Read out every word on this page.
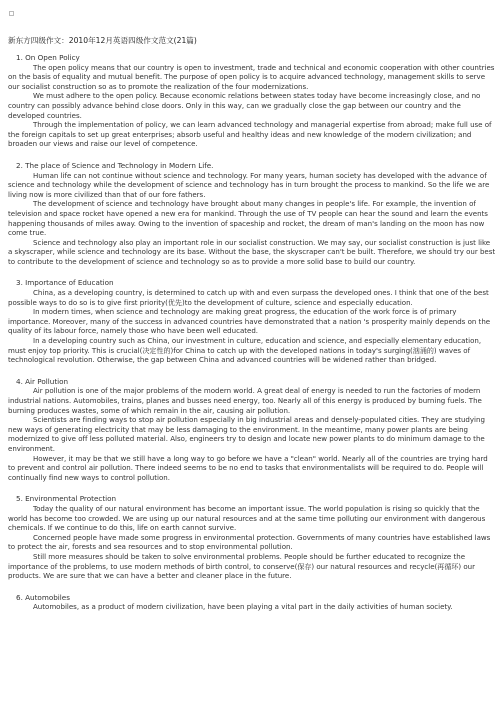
新东方四级作文：2010年12月英语四级作文范文(21篇)

1. On Open Policy

The open policy means that our country is open to investment, trade and technical and economic cooperation with other countries on the basis of equality and mutual benefit. The purpose of open policy is to acquire advanced technology, management skills to serve our socialist construction so as to promote the realization of the four modernizations.

We must adhere to the open policy. Because economic relations between states today have become increasingly close, and no country can possibly advance behind close doors. Only in this way, can we gradually close the gap between our country and the developed countries.

Through the implementation of policy, we can learn advanced technology and managerial expertise from abroad; make full use of the foreign capitals to set up great enterprises; absorb useful and healthy ideas and new knowledge of the modern civilization; and broaden our views and raise our level of competence.

2. The place of Science and Technology in Modern Life.

Human life can not continue without science and technology. For many years, human society has developed with the advance of science and technology while the development of science and technology has in turn brought the process to mankind. So the life we are living now is more civilized than that of our fore fathers.

The development of science and technology have brought about many changes in people's life. For example, the invention of television and space rocket have opened a new era for mankind. Through the use of TV people can hear the sound and learn the events happening thousands of miles away. Owing to the invention of spaceship and rocket, the dream of man's landing on the moon has now come true.

Science and technology also play an important role in our socialist construction. We may say, our socialist construction is just like a skyscraper, while science and technology are its base. Without the base, the skyscraper can't be built. Therefore, we should try our best to contribute to the development of science and technology so as to provide a more solid base to build our country.

3. Importance of Education

China, as a developing country, is determined to catch up with and even surpass the developed ones. I think that one of the best possible ways to do so is to give first priority(优先)to the development of culture, science and especially education.

In modern times, when science and technology are making great progress, the education of the work force is of primary importance. Moreover, many of the success in advanced countries have demonstrated that a nation 's prosperity mainly depends on the quality of its labour force, namely those who have been well educated.

In a developing country such as China, our investment in culture, education and science, and especially elementary education, must enjoy top priority. This is crucial(决定性的)for China to catch up with the developed nations in today's surging(汹涌的) waves of technological revolution. Otherwise, the gap between China and advanced countries will be widened rather than bridged.

4. Air Pollution

Air pollution is one of the major problems of the modern world. A great deal of energy is needed to run the factories of modern industrial nations. Automobiles, trains, planes and busses need energy, too. Nearly all of this energy is produced by burning fuels. The burning produces wastes, some of which remain in the air, causing air pollution.

Scientists are finding ways to stop air pollution especially in big industrial areas and densely-populated cities. They are studying new ways of generating electricity that may be less damaging to the environment. In the meantime, many power plants are being modernized to give off less polluted material. Also, engineers try to design and locate new power plants to do minimum damage to the environment.

However, it may be that we still have a long way to go before we have a "clean" world. Nearly all of the countries are trying hard to prevent and control air pollution. There indeed seems to be no end to tasks that environmentalists will be required to do. People will continually find new ways to control pollution.

5. Environmental Protection

Today the quality of our natural environment has become an important issue. The world population is rising so quickly that the world has become too crowded. We are using up our natural resources and at the same time polluting our environment with dangerous chemicals. If we continue to do this, life on earth cannot survive.

Concerned people have made some progress in environmental protection. Governments of many countries have established laws to protect the air, forests and sea resources and to stop environmental pollution.

Still more measures should be taken to solve environmental problems. People should be further educated to recognize the importance of the problems, to use modern methods of birth control, to conserve(保存) our natural resources and recycle(再循环) our products. We are sure that we can have a better and cleaner place in the future.

6. Automobiles

Automobiles, as a product of modern civilization, have been playing a vital part in the daily activities of human society.
